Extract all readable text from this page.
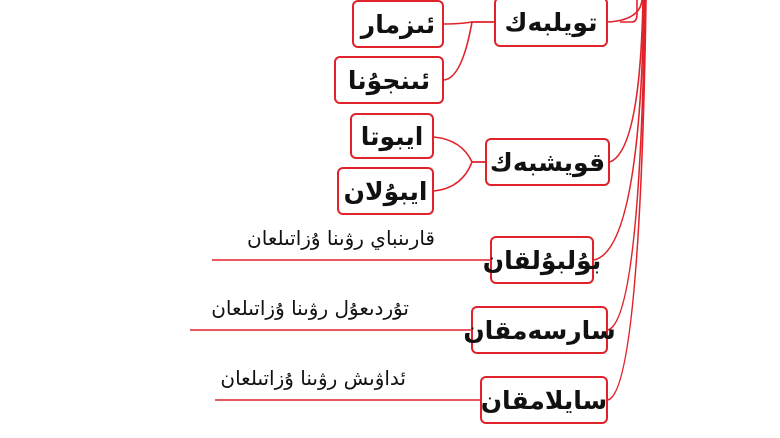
تويلبەك
ئىزمار
ئىنجۇنا
قويشبەك
ايبوتا
ايبۇلان
بۇلبۇلقان
قارىنباي رۋىنا ۇزاتىلعان
سارسەمقان
تۇردىعۇل رۋىنا ۇزاتىلعان
سايلامقان
ئداۋىش رۋىنا ۇزاتىلعان
